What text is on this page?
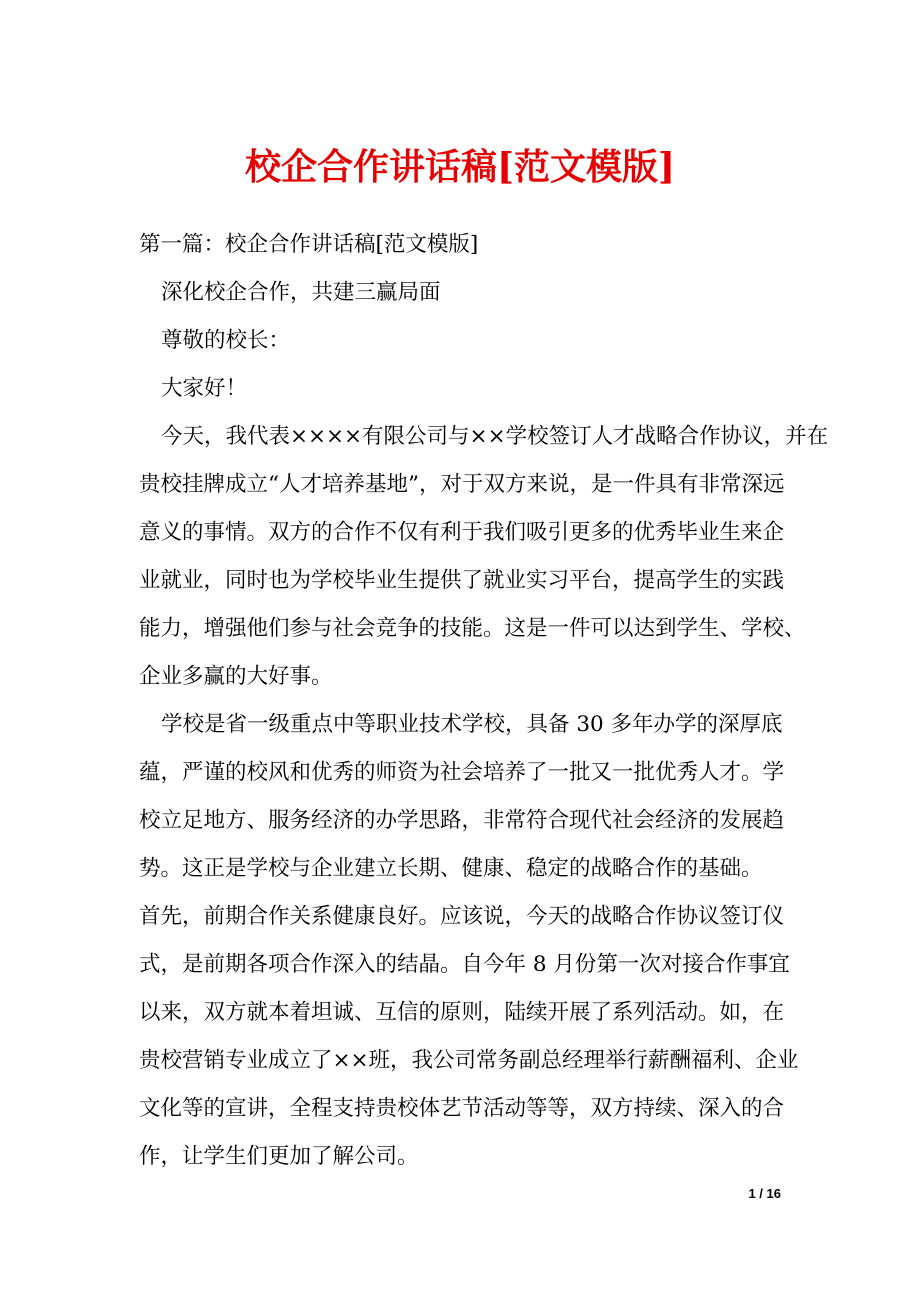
校企合作讲话稿[范文模版]
第一篇：校企合作讲话稿[范文模版]
深化校企合作，共建三赢局面
尊敬的校长：
大家好！
今天，我代表××××有限公司与××学校签订人才战略合作协议，并在
贵校挂牌成立“人才培养基地”，对于双方来说，是一件具有非常深远
意义的事情。双方的合作不仅有利于我们吸引更多的优秀毕业生来企
业就业，同时也为学校毕业生提供了就业实习平台，提高学生的实践
能力，增强他们参与社会竞争的技能。这是一件可以达到学生、学校、
企业多赢的大好事。
学校是省一级重点中等职业技术学校，具备 30 多年办学的深厚底
蕴，严谨的校风和优秀的师资为社会培养了一批又一批优秀人才。学
校立足地方、服务经济的办学思路，非常符合现代社会经济的发展趋
势。这正是学校与企业建立长期、健康、稳定的战略合作的基础。
首先，前期合作关系健康良好。应该说，今天的战略合作协议签订仪
式，是前期各项合作深入的结晶。自今年 8 月份第一次对接合作事宜
以来，双方就本着坦诚、互信的原则，陆续开展了系列活动。如，在
贵校营销专业成立了××班，我公司常务副总经理举行薪酬福利、企业
文化等的宣讲，全程支持贵校体艺节活动等等，双方持续、深入的合
作，让学生们更加了解公司。
1 / 16
